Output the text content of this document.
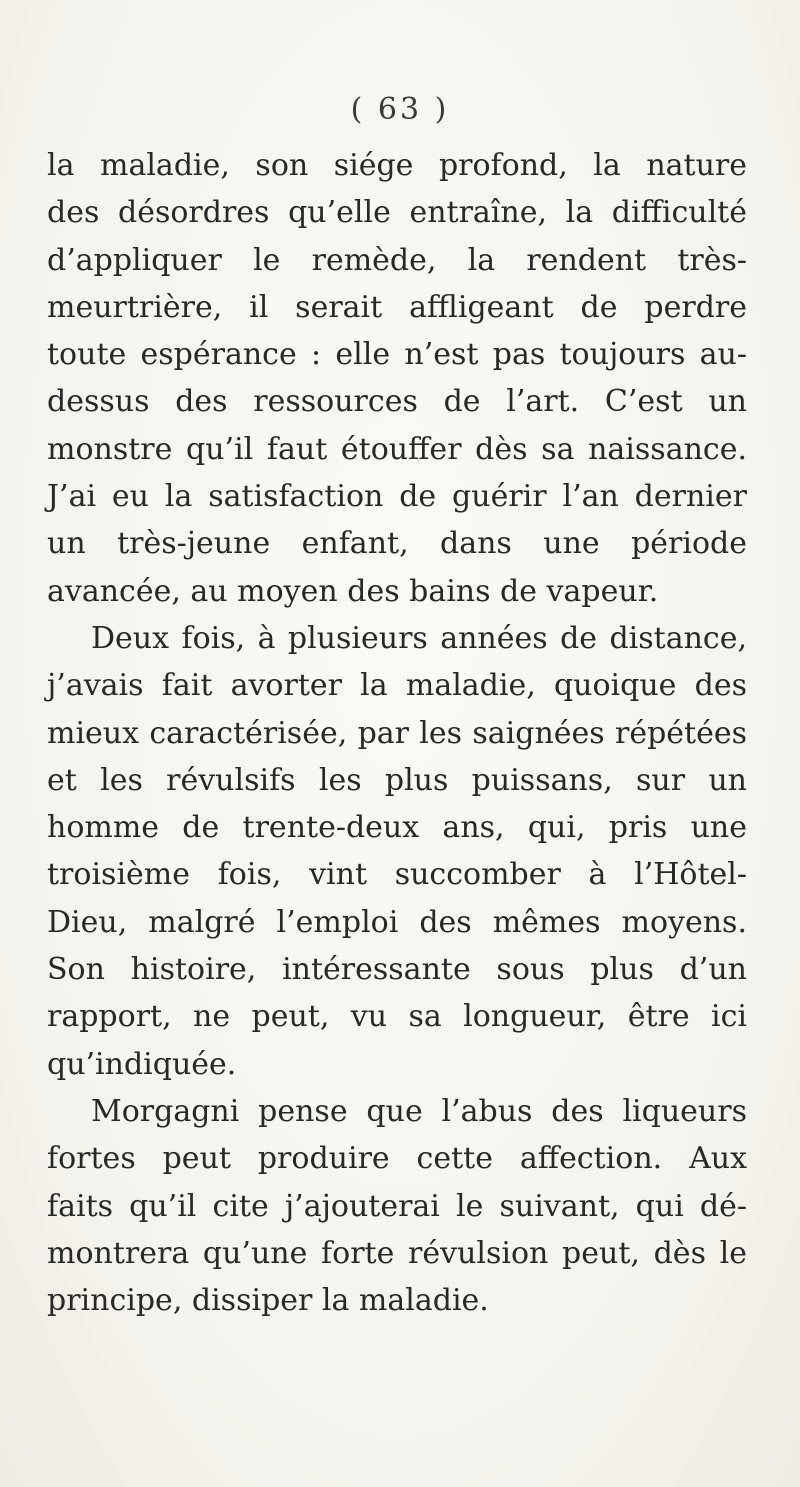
( 63 )
la maladie, son siége profond, la nature
des désordres qu’elle entraîne, la difficulté
d’appliquer le remède, la rendent très-
meurtrière, il serait affligeant de perdre
toute espérance : elle n’est pas toujours au-
dessus des ressources de l’art. C’est un
monstre qu’il faut étouffer dès sa naissance.
J’ai eu la satisfaction de guérir l’an dernier
un très-jeune enfant, dans une période
avancée, au moyen des bains de vapeur.
Deux fois, à plusieurs années de distance,
j’avais fait avorter la maladie, quoique des
mieux caractérisée, par les saignées répétées
et les révulsifs les plus puissans, sur un
homme de trente-deux ans, qui, pris une
troisième fois, vint succomber à l’Hôtel-
Dieu, malgré l’emploi des mêmes moyens.
Son histoire, intéressante sous plus d’un
rapport, ne peut, vu sa longueur, être ici
qu’indiquée.
Morgagni pense que l’abus des liqueurs
fortes peut produire cette affection. Aux
faits qu’il cite j’ajouterai le suivant, qui dé-
montrera qu’une forte révulsion peut, dès le
principe, dissiper la maladie.
